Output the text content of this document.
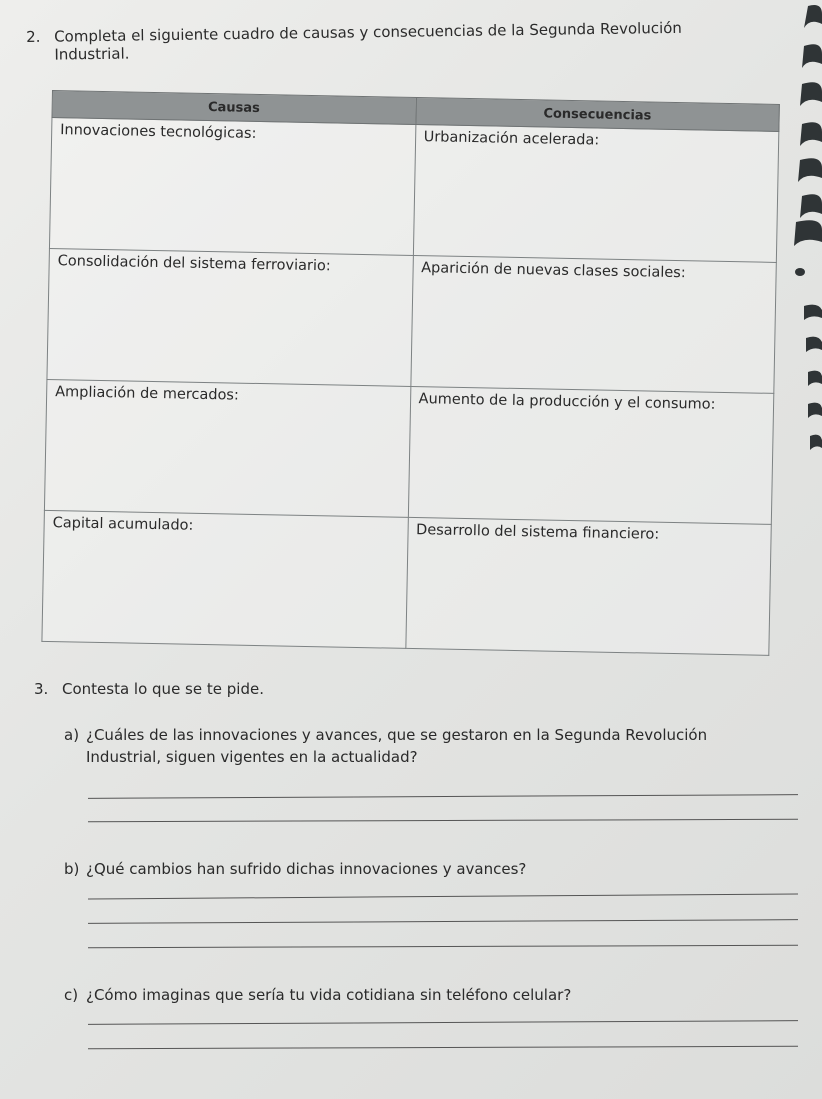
2. Completa el siguiente cuadro de causas y consecuencias de la Segunda Revolución
Industrial.
Causas	Consecuencias
Innovaciones tecnológicas:	Urbanización acelerada:
Consolidación del sistema ferroviario:	Aparición de nuevas clases sociales:
Ampliación de mercados:	Aumento de la producción y el consumo:
Capital acumulado:	Desarrollo del sistema financiero:
3. Contesta lo que se te pide.
a) ¿Cuáles de las innovaciones y avances, que se gestaron en la Segunda Revolución
Industrial, siguen vigentes en la actualidad?
b) ¿Qué cambios han sufrido dichas innovaciones y avances?
c) ¿Cómo imaginas que sería tu vida cotidiana sin teléfono celular?
